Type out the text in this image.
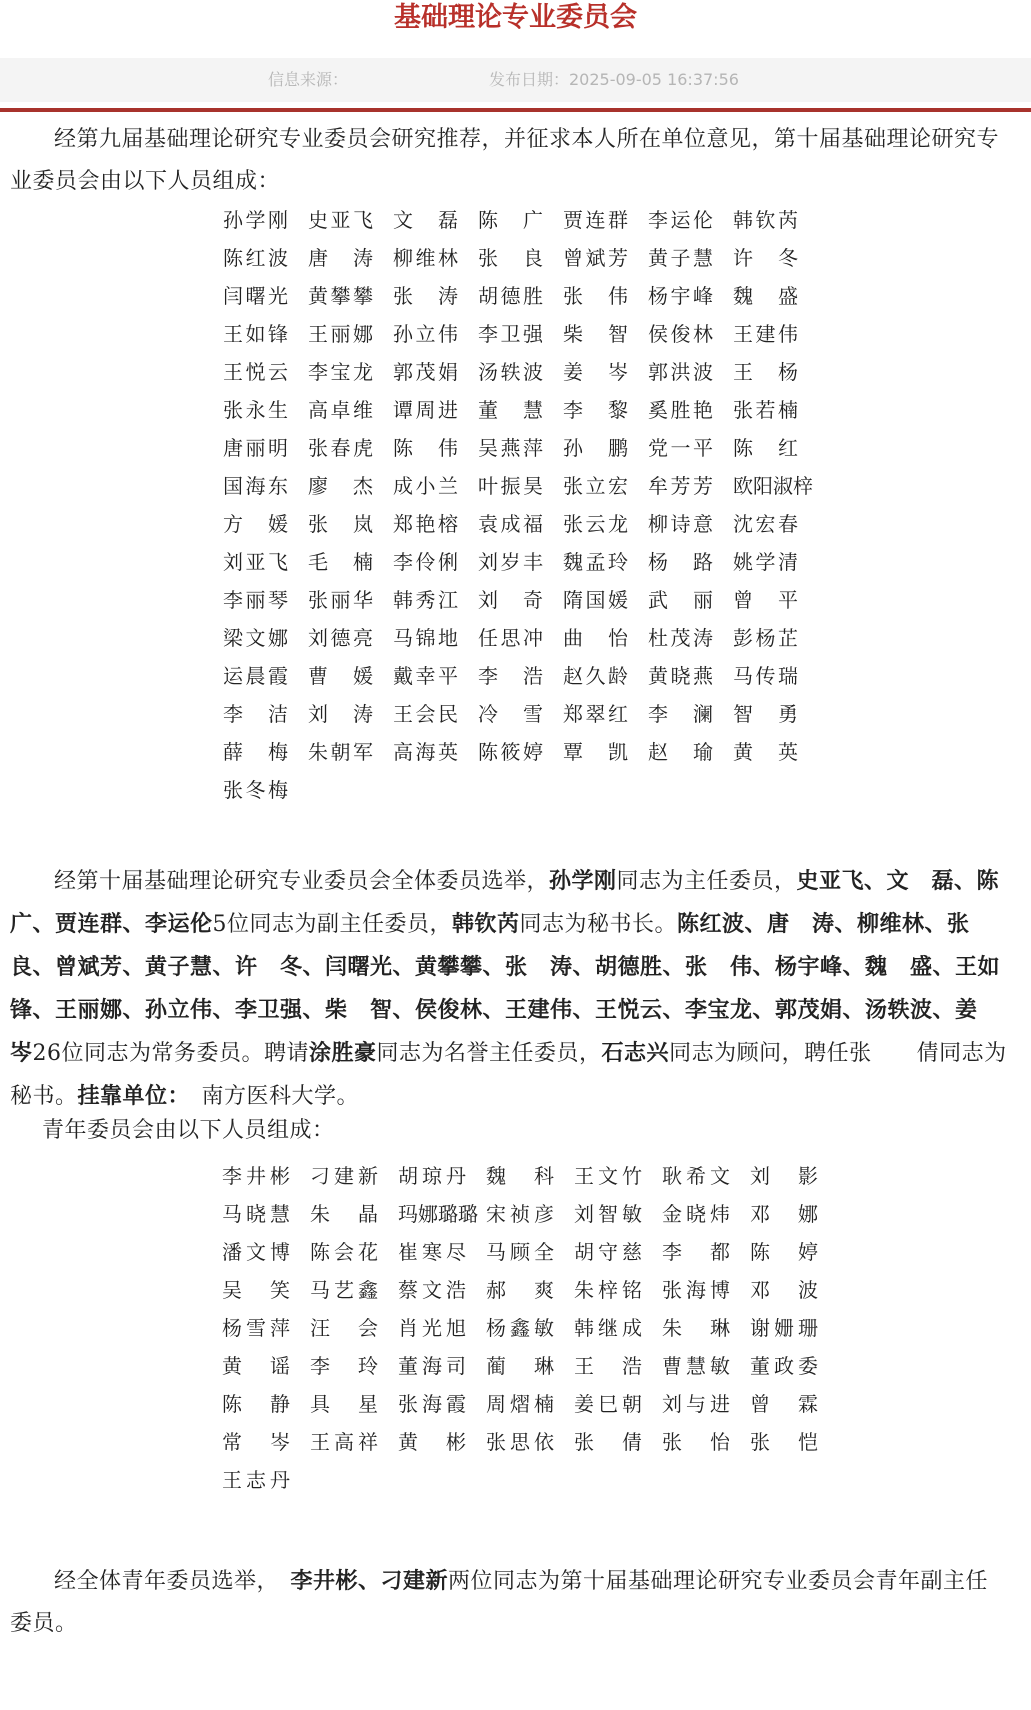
基础理论专业委员会
信息来源：	发布日期：2025-09-05 16:37:56
经第九届基础理论研究专业委员会研究推荐，并征求本人所在单位意见，第十届基础理论研究专业委员会由以下人员组成：
孙学刚	史亚飞	文　磊	陈　广	贾连群	李运伦	韩钦芮
陈红波	唐　涛	柳维林	张　良	曾斌芳	黄子慧	许　冬
闫曙光	黄攀攀	张　涛	胡德胜	张　伟	杨宇峰	魏　盛
王如锋	王丽娜	孙立伟	李卫强	柴　智	侯俊林	王建伟
王悦云	李宝龙	郭茂娟	汤轶波	姜　岑	郭洪波	王　杨
张永生	高卓维	谭周进	董　慧	李　黎	奚胜艳	张若楠
唐丽明	张春虎	陈　伟	吴燕萍	孙　鹏	党一平	陈　红
国海东	廖　杰	成小兰	叶振昊	张立宏	牟芳芳	欧阳淑梓
方　媛	张　岚	郑艳榕	袁成福	张云龙	柳诗意	沈宏春
刘亚飞	毛　楠	李伶俐	刘岁丰	魏孟玲	杨　路	姚学清
李丽琴	张丽华	韩秀江	刘　奇	隋国媛	武　丽	曾　平
梁文娜	刘德亮	马锦地	任思冲	曲　怡	杜茂涛	彭杨芷
运晨霞	曹　媛	戴幸平	李　浩	赵久龄	黄晓燕	马传瑞
李　洁	刘　涛	王会民	冷　雪	郑翠红	李　澜	智　勇
薛　梅	朱朝军	高海英	陈筱婷	覃　凯	赵　瑜	黄　英
张冬梅
经第十届基础理论研究专业委员会全体委员选举，孙学刚同志为主任委员，史亚飞、文　磊、陈　广、贾连群、李运伦5位同志为副主任委员，韩钦芮同志为秘书长。陈红波、唐　涛、柳维林、张　良、曾斌芳、黄子慧、许　冬、闫曙光、黄攀攀、张　涛、胡德胜、张　伟、杨宇峰、魏　盛、王如锋、王丽娜、孙立伟、李卫强、柴　智、侯俊林、王建伟、王悦云、李宝龙、郭茂娟、汤轶波、姜　岑26位同志为常务委员。聘请涂胜豪同志为名誉主任委员，石志兴同志为顾问，聘任张　　倩同志为秘书。挂靠单位：　南方医科大学。
青年委员会由以下人员组成：
李井彬	刁建新	胡琼丹	魏　科	王文竹	耿希文	刘　影
马晓慧	朱　晶	玛娜璐璐 宋祯彦	刘智敏	金晓炜	邓　娜
潘文博	陈会花	崔寒尽	马顾全	胡守慈	李　都	陈　婷
吴　笑	马艺鑫	蔡文浩	郝　爽	朱梓铭	张海博	邓　波
杨雪萍	汪　会	肖光旭	杨鑫敏	韩继成	朱　琳	谢姗珊
黄　谣	李　玲	董海司	蔺　琳	王　浩	曹慧敏	董政委
陈　静	具　星	张海霞	周熠楠	姜巳朝	刘与进	曾　霖
常　岑	王高祥	黄　彬	张思依	张　倩	张　怡	张　恺
王志丹
经全体青年委员选举，　李井彬、刁建新两位同志为第十届基础理论研究专业委员会青年副主任委员。
